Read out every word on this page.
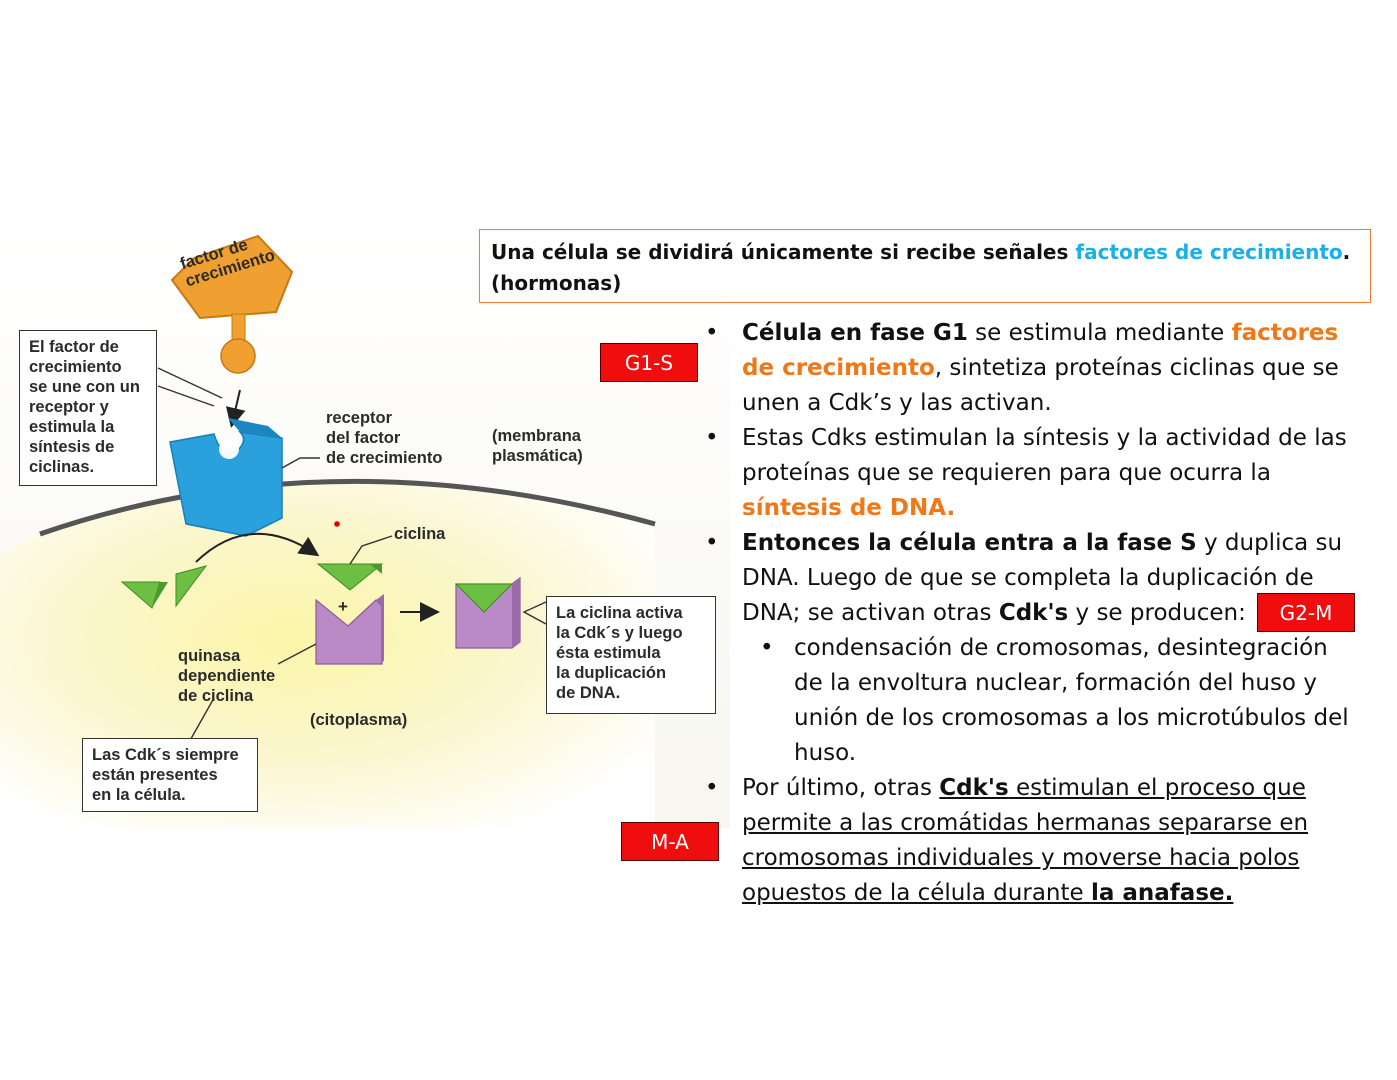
+
factor de
crecimiento
El factor de
crecimiento
se une con un
receptor y
estimula la
síntesis de
ciclinas.
receptor
del factor
de crecimiento
(membrana
plasmática)
ciclina
quinasa
dependiente
de ciclina
(citoplasma)
La ciclina activa
la Cdk´s y luego
ésta estimula
la duplicación
de DNA.
Las Cdk´s siempre
están presentes
en la célula.
Una célula se dividirá únicamente si recibe señales factores de crecimiento.
(hormonas)
• Célula en fase G1 se estimula mediante factores de crecimiento, sintetiza proteínas ciclinas que se unen a Cdk’s y las activan.
• Estas Cdks estimulan la síntesis y la actividad de las proteínas que se requieren para que ocurra la síntesis de DNA.
• Entonces la célula entra a la fase S y duplica su DNA. Luego de que se completa la duplicación de DNA; se activan otras Cdk's y se producen:
• condensación de cromosomas, desintegración de la envoltura nuclear, formación del huso y unión de los cromosomas a los microtúbulos del huso.
• Por último, otras Cdk's estimulan el proceso que permite a las cromátidas hermanas separarse en cromosomas individuales y moverse hacia polos opuestos de la célula durante la anafase.
G1-S
G2-M
M-A
